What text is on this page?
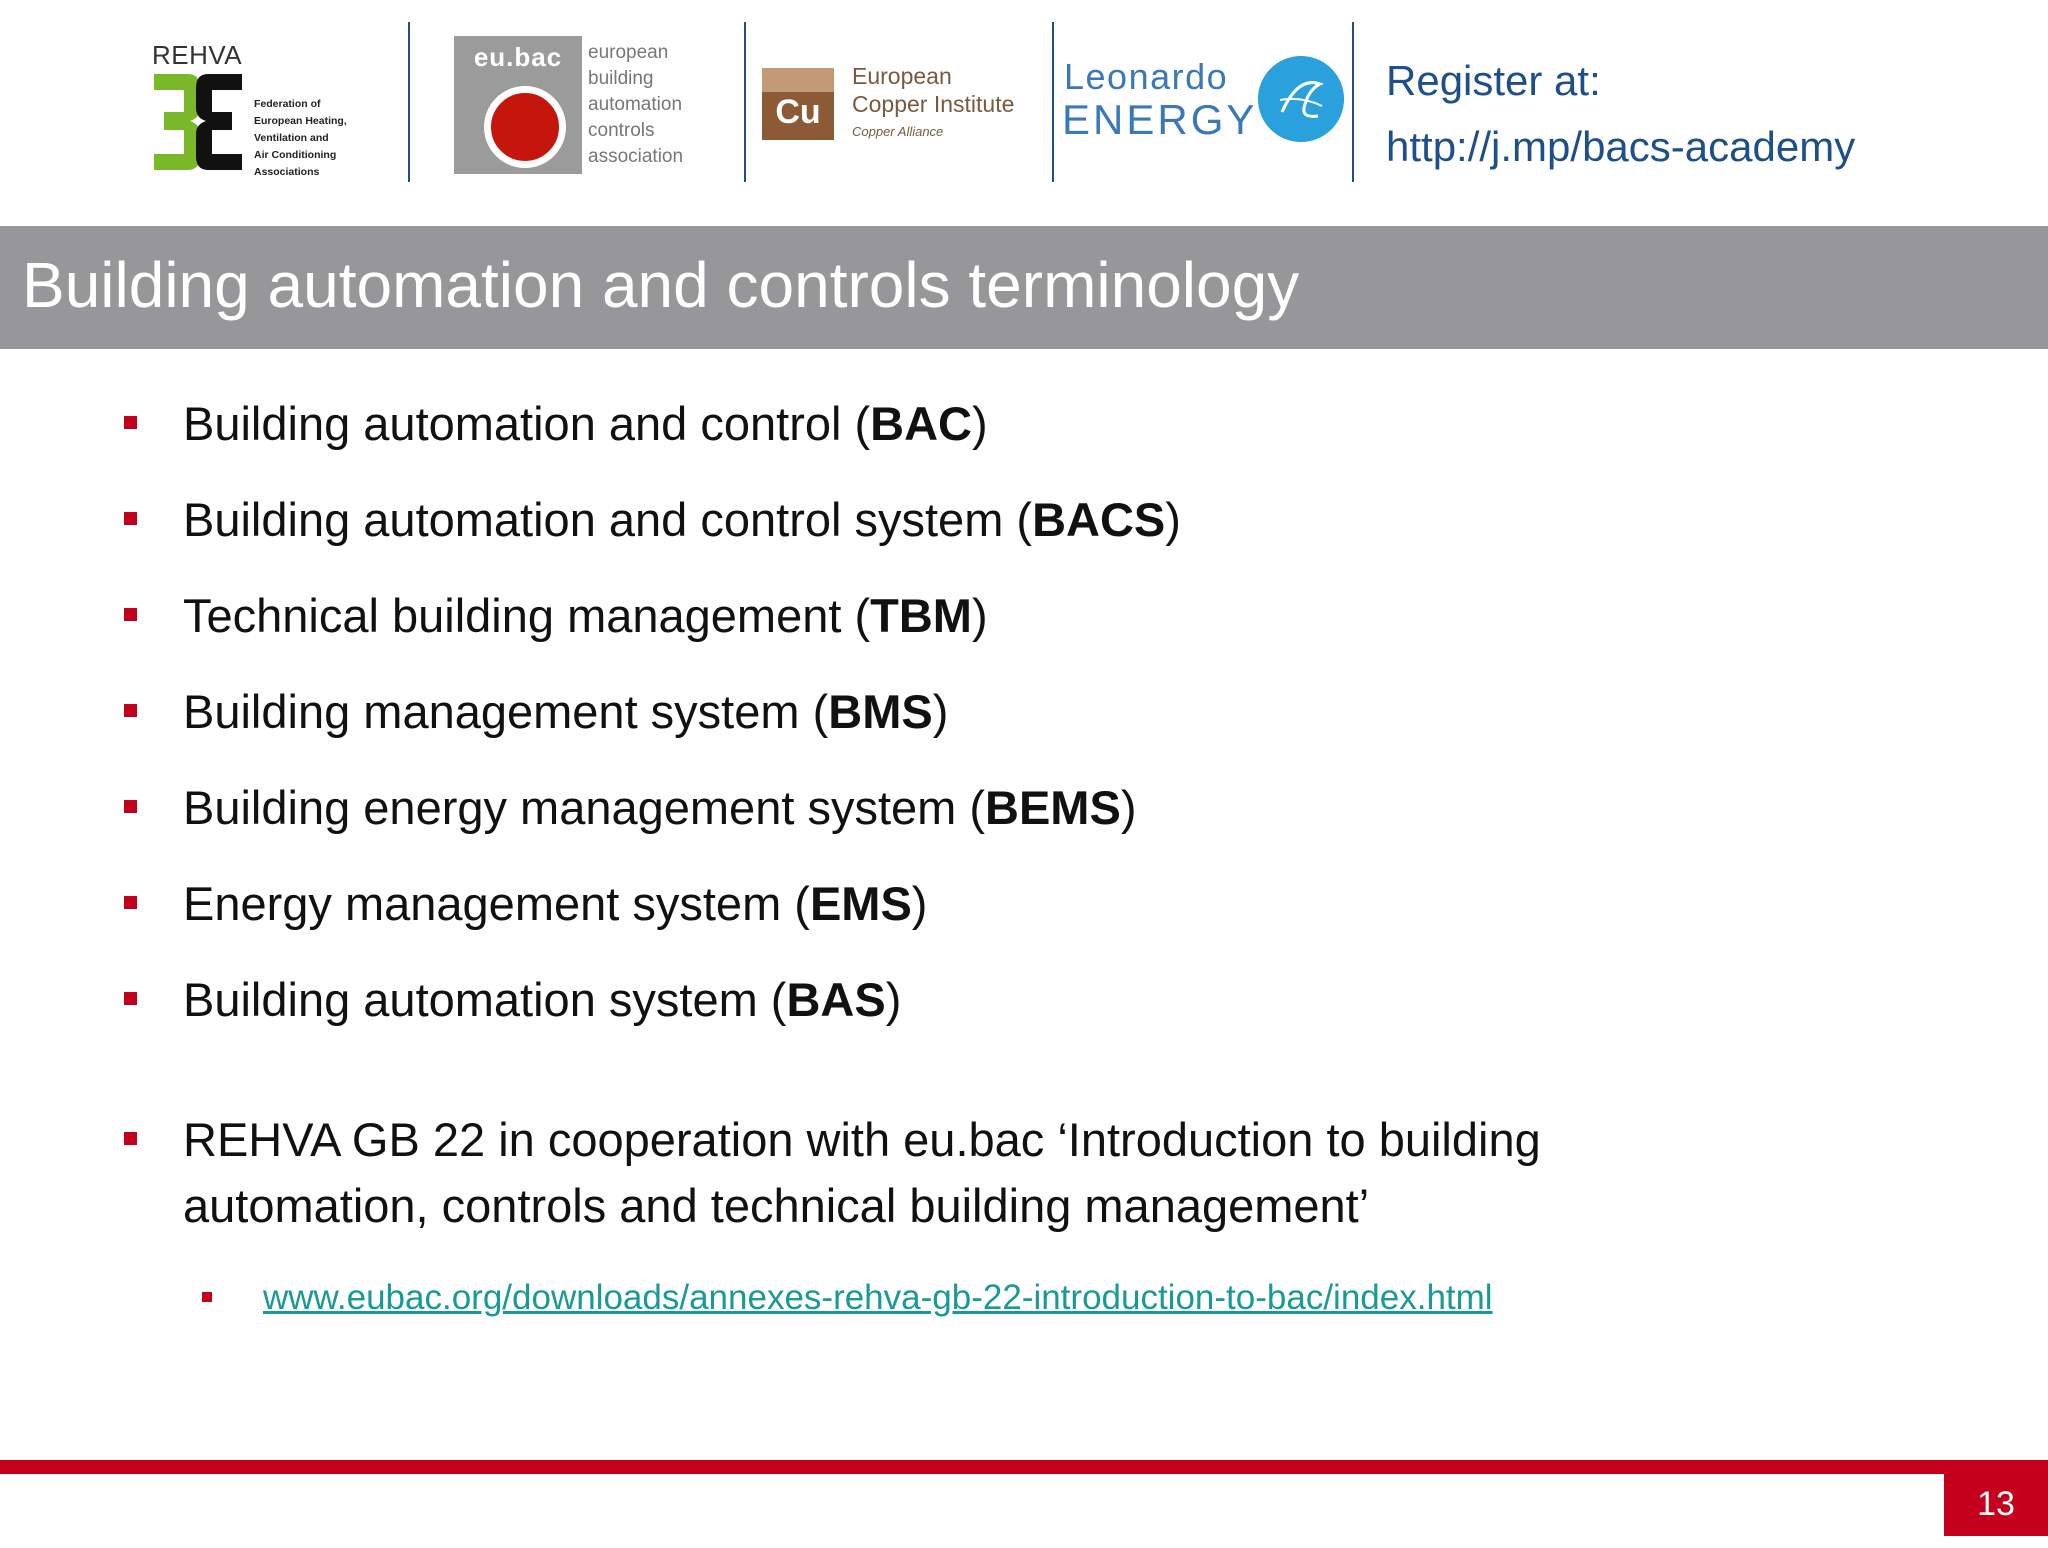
REHVA
Federation of
European Heating,
Ventilation and
Air Conditioning
Associations
eu.bac	european
building
automation
controls
association
Cu
European
Copper Institute
Copper Alliance
Leonardo
ENERGY
Register at:
http://j.mp/bacs-academy
Building automation and controls terminology
Building automation and control (BAC)
Building automation and control system (BACS)
Technical building management (TBM)
Building management system (BMS)
Building energy management system (BEMS)
Energy management system (EMS)
Building automation system (BAS)
REHVA GB 22 in cooperation with eu.bac ‘Introduction to building
automation, controls and technical building management’
www.eubac.org/downloads/annexes-rehva-gb-22-introduction-to-bac/index.html
13
